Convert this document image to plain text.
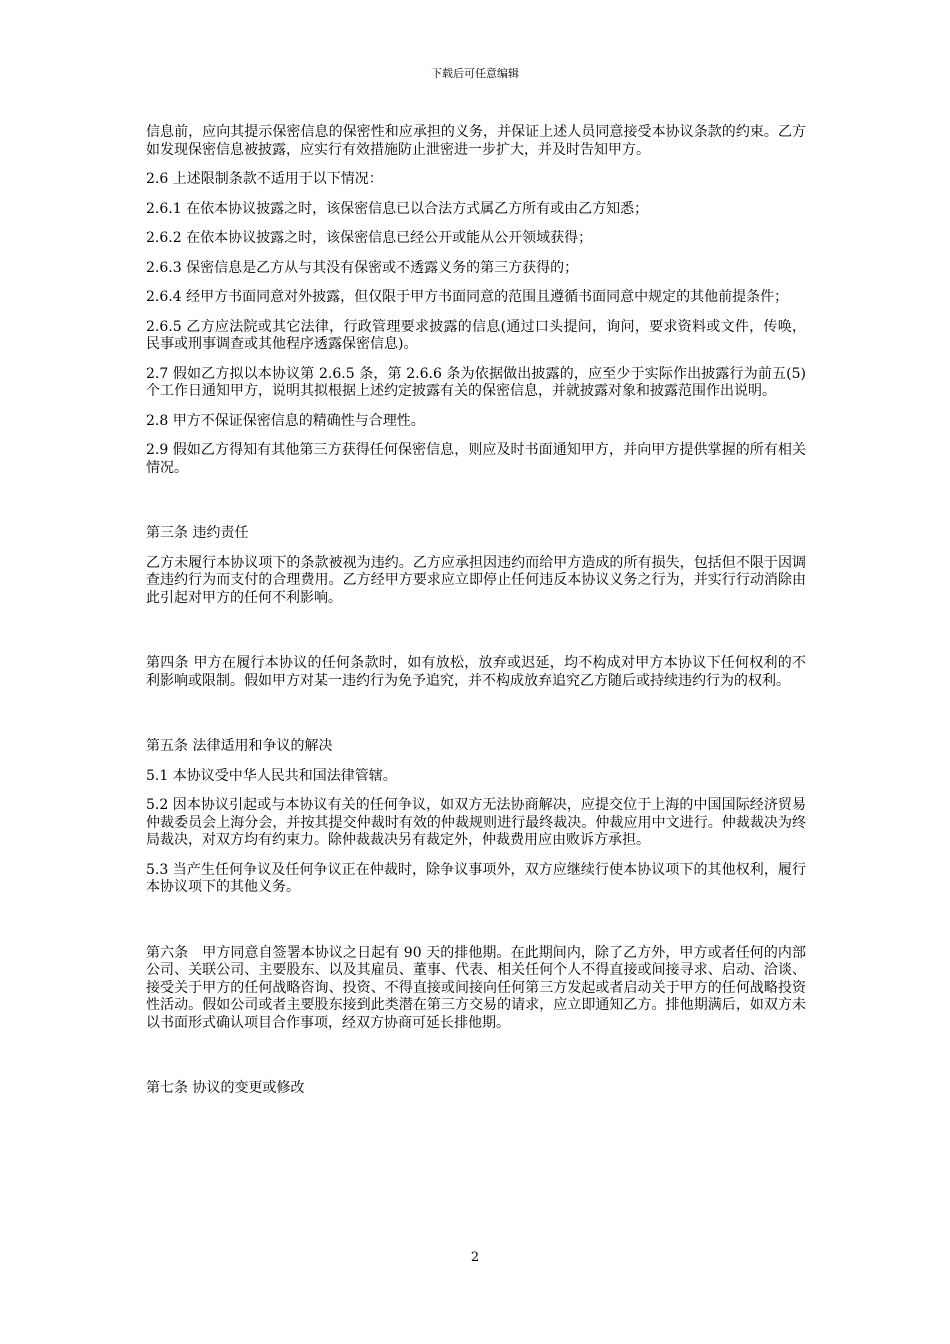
下载后可任意编辑

信息前，应向其提示保密信息的保密性和应承担的义务，并保证上述人员同意接受本协议条款的约束。乙方如发现保密信息被披露，应实行有效措施防止泄密进一步扩大，并及时告知甲方。

2.6 上述限制条款不适用于以下情况：

2.6.1 在依本协议披露之时，该保密信息已以合法方式属乙方所有或由乙方知悉；

2.6.2 在依本协议披露之时，该保密信息已经公开或能从公开领域获得；

2.6.3 保密信息是乙方从与其没有保密或不透露义务的第三方获得的；

2.6.4 经甲方书面同意对外披露，但仅限于甲方书面同意的范围且遵循书面同意中规定的其他前提条件；

2.6.5 乙方应法院或其它法律，行政管理要求披露的信息(通过口头提问，询问，要求资料或文件，传唤，民事或刑事调查或其他程序透露保密信息)。

2.7 假如乙方拟以本协议第 2.6.5 条，第 2.6.6 条为依据做出披露的，应至少于实际作出披露行为前五(5)个工作日通知甲方，说明其拟根据上述约定披露有关的保密信息，并就披露对象和披露范围作出说明。

2.8 甲方不保证保密信息的精确性与合理性。

2.9 假如乙方得知有其他第三方获得任何保密信息，则应及时书面通知甲方，并向甲方提供掌握的所有相关情况。

第三条 违约责任

乙方未履行本协议项下的条款被视为违约。乙方应承担因违约而给甲方造成的所有损失，包括但不限于因调查违约行为而支付的合理费用。乙方经甲方要求应立即停止任何违反本协议义务之行为，并实行行动消除由此引起对甲方的任何不利影响。

第四条 甲方在履行本协议的任何条款时，如有放松，放弃或迟延，均不构成对甲方本协议下任何权利的不利影响或限制。假如甲方对某一违约行为免予追究，并不构成放弃追究乙方随后或持续违约行为的权利。

第五条 法律适用和争议的解决

5.1 本协议受中华人民共和国法律管辖。

5.2 因本协议引起或与本协议有关的任何争议，如双方无法协商解决，应提交位于上海的中国国际经济贸易仲裁委员会上海分会，并按其提交仲裁时有效的仲裁规则进行最终裁决。仲裁应用中文进行。仲裁裁决为终局裁决，对双方均有约束力。除仲裁裁决另有裁定外，仲裁费用应由败诉方承担。

5.3 当产生任何争议及任何争议正在仲裁时，除争议事项外，双方应继续行使本协议项下的其他权利，履行本协议项下的其他义务。

第六条　甲方同意自签署本协议之日起有 90 天的排他期。在此期间内，除了乙方外，甲方或者任何的内部公司、关联公司、主要股东、以及其雇员、董事、代表、相关任何个人不得直接或间接寻求、启动、洽谈、接受关于甲方的任何战略咨询、投资、不得直接或间接向任何第三方发起或者启动关于甲方的任何战略投资性活动。假如公司或者主要股东接到此类潜在第三方交易的请求，应立即通知乙方。排他期满后，如双方未以书面形式确认项目合作事项，经双方协商可延长排他期。

第七条 协议的变更或修改

2
